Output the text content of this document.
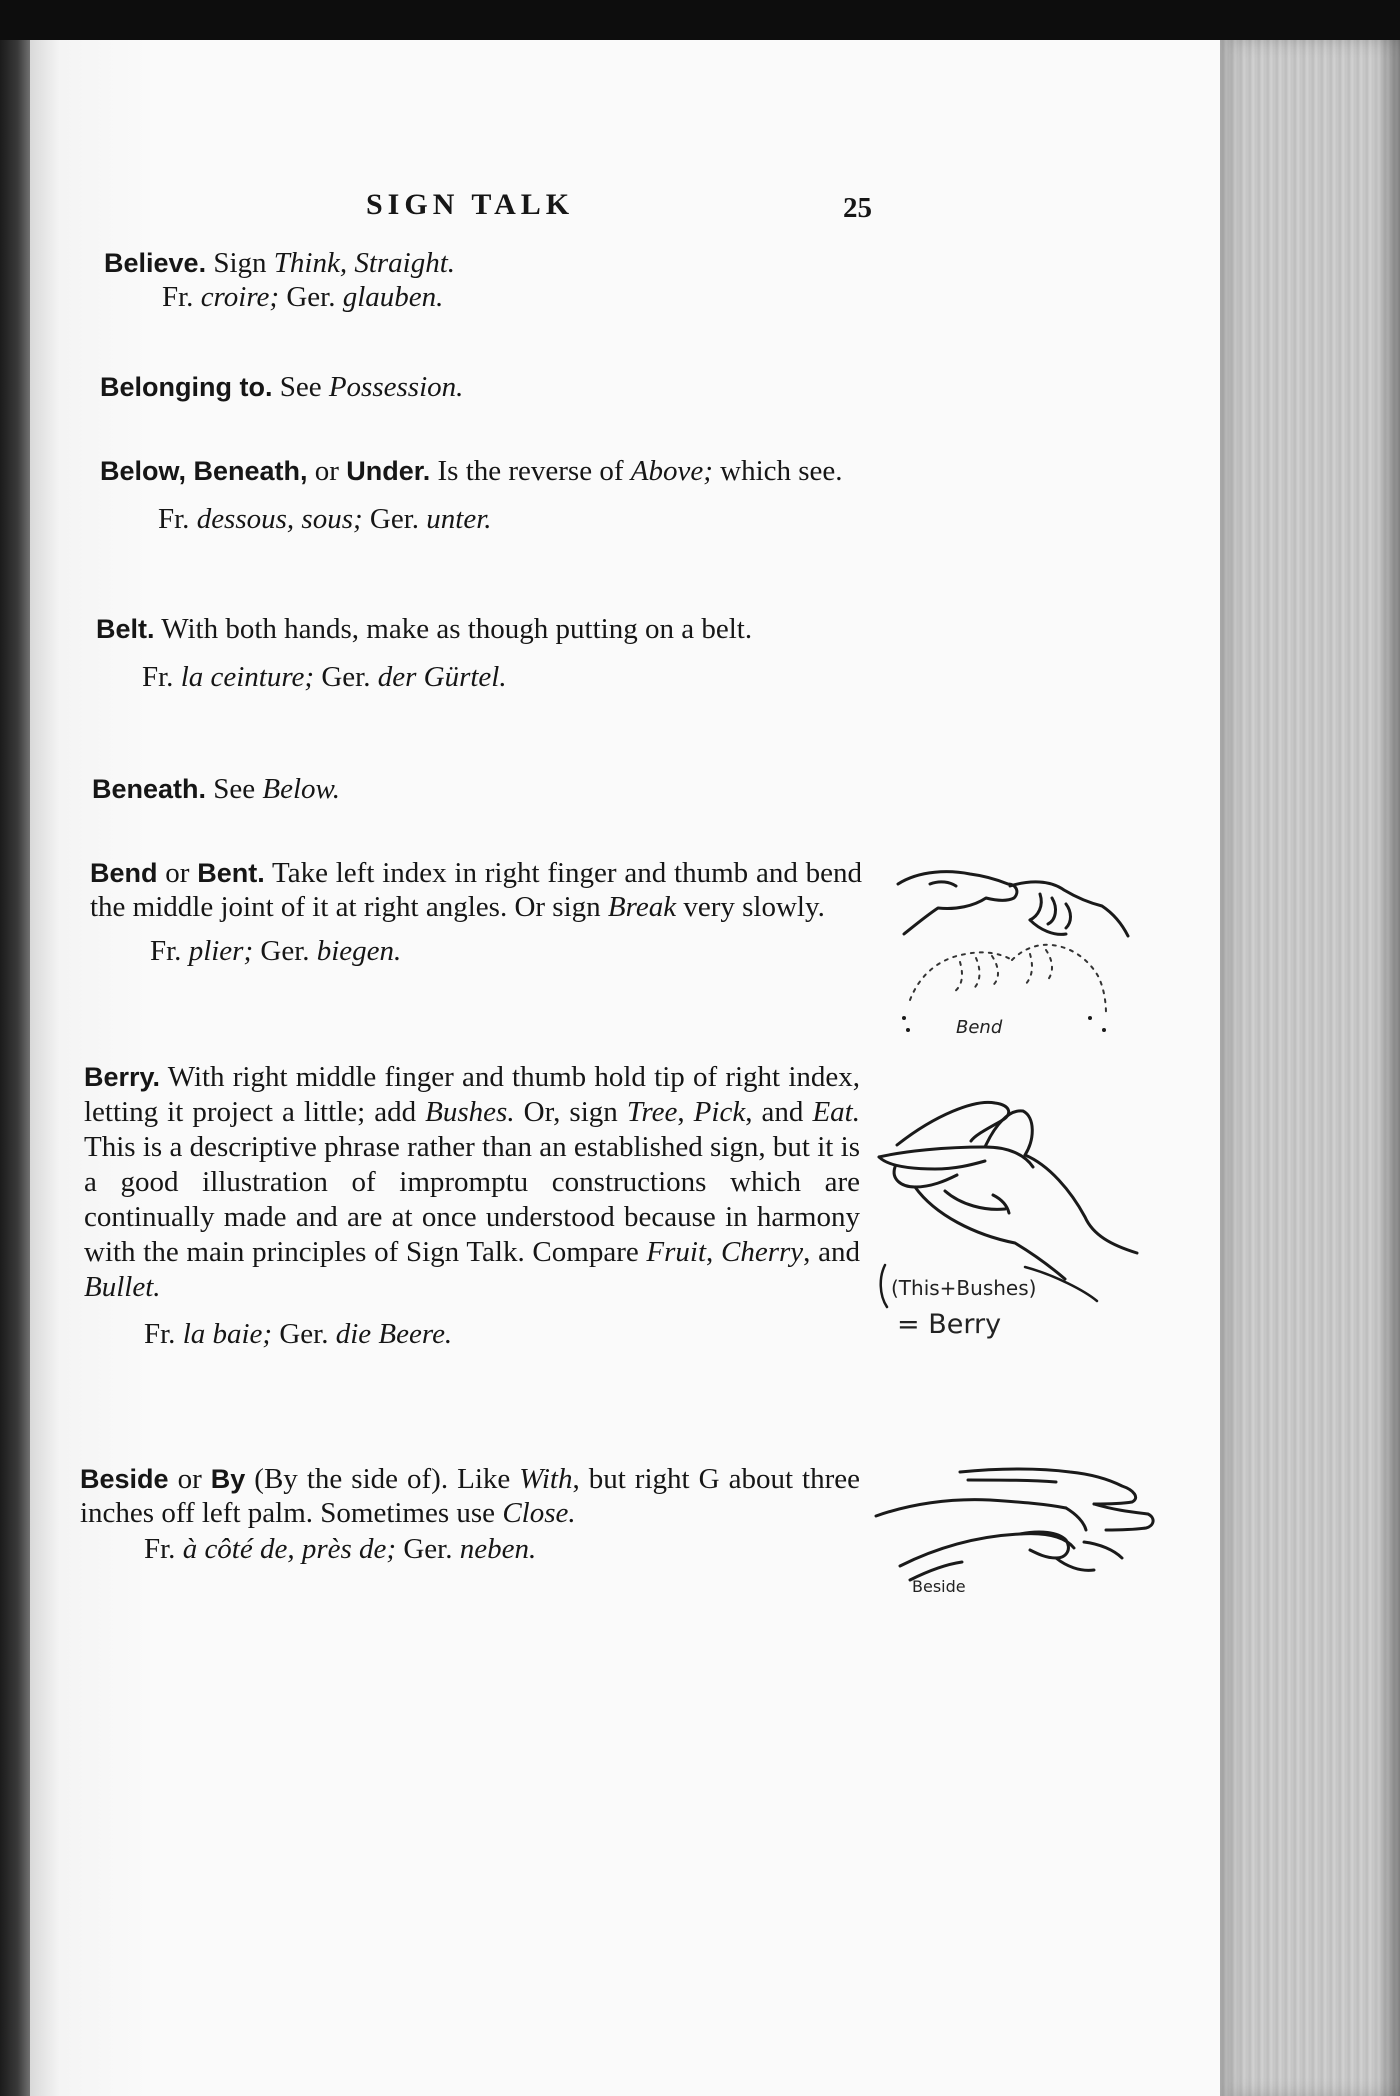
SIGN TALK	25

Believe. Sign Think, Straight.

Fr. croire; Ger. glauben.

Belonging to. See Possession.

Below, Beneath, or Under. Is the reverse of Above; which see.

Fr. dessous, sous; Ger. unter.

Belt. With both hands, make as though putting on a belt.

Fr. la ceinture; Ger. der Gürtel.

Beneath. See Below.

Bend or Bent. Take left index in right finger and thumb and bend the middle joint of it at right angles. Or sign Break very slowly.

Fr. plier; Ger. biegen.

Berry. With right middle finger and thumb hold tip of right index, letting it project a little; add Bushes. Or, sign Tree, Pick, and Eat. This is a descriptive phrase rather than an established sign, but it is a good illustration of impromptu constructions which are continually made and are at once understood because in harmony with the main principles of Sign Talk. Compare Fruit, Cherry, and Bullet.

Fr. la baie; Ger. die Beere.

Beside or By (By the side of). Like With, but right G about three inches off left palm. Sometimes use Close.

Fr. à côté de, près de; Ger. neben.

Bend
(This+Bushes)
= Berry
Beside
